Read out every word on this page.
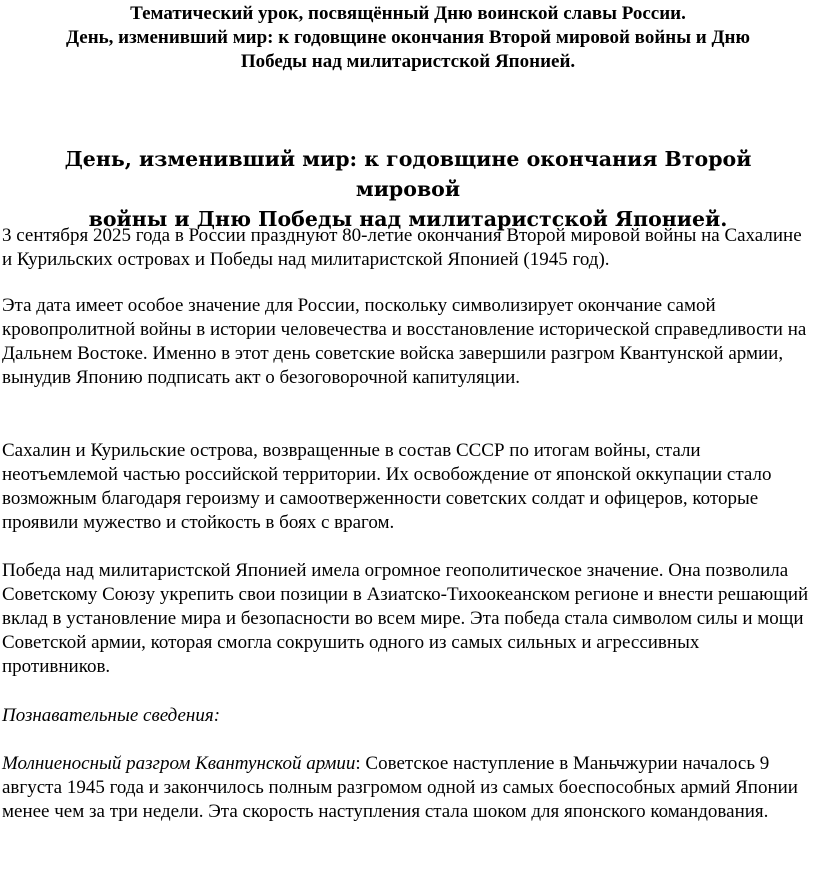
Тематический урок, посвящённый Дню воинской славы России.
День, изменивший мир: к годовщине окончания Второй мировой войны и Дню
Победы над милитаристской Японией.
День, изменивший мир: к годовщине окончания Второй мировой
войны и Дню Победы над милитаристской Японией.

3 сентября 2025 года в России празднуют 80-летие окончания Второй мировой войны на Сахалине и Курильских островах и Победы над милитаристской Японией (1945 год).

Эта дата имеет особое значение для России, поскольку символизирует окончание самой кровопролитной войны в истории человечества и восстановление исторической справедливости на Дальнем Востоке. Именно в этот день советские войска завершили разгром Квантунской армии, вынудив Японию подписать акт о безоговорочной капитуляции.

Сахалин и Курильские острова, возвращенные в состав СССР по итогам войны, стали неотъемлемой частью российской территории. Их освобождение от японской оккупации стало возможным благодаря героизму и самоотверженности советских солдат и офицеров, которые проявили мужество и стойкость в боях с врагом.

Победа над милитаристской Японией имела огромное геополитическое значение. Она позволила Советскому Союзу укрепить свои позиции в Азиатско-Тихоокеанском регионе и внести решающий вклад в установление мира и безопасности во всем мире. Эта победа стала символом силы и мощи Советской армии, которая смогла сокрушить одного из самых сильных и агрессивных противников.

Познавательные сведения:

Молниеносный разгром Квантунской армии: Советское наступление в Маньчжурии началось 9 августа 1945 года и закончилось полным разгромом одной из самых боеспособных армий Японии менее чем за три недели. Эта скорость наступления стала шоком для японского командования.
